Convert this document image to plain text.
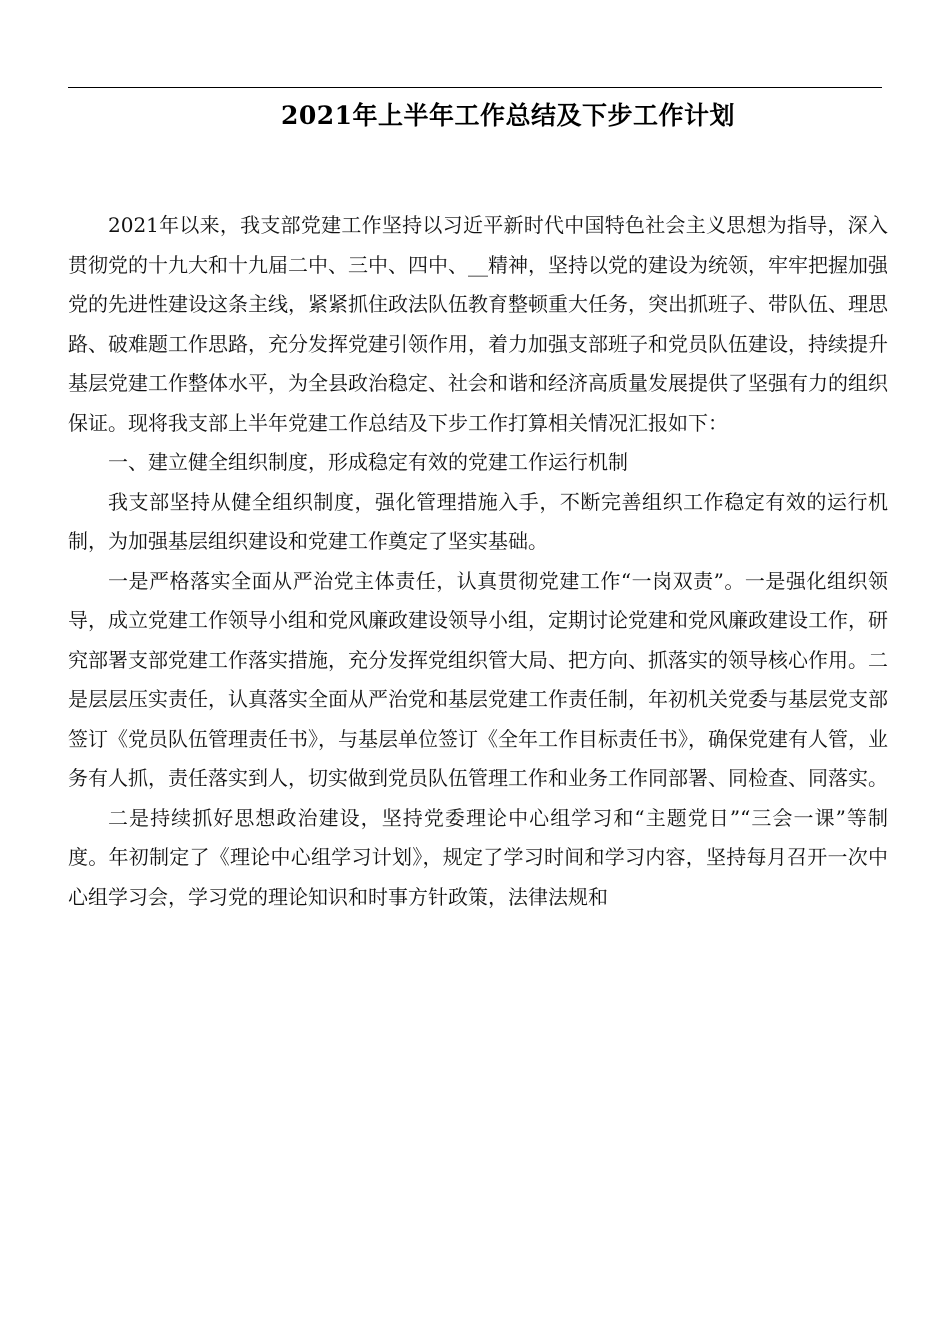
2021年上半年工作总结及下步工作计划

2021年以来，我支部党建工作坚持以习近平新时代中国特色社会主义思想为指导，深入贯彻党的十九大和十九届二中、三中、四中、__精神，坚持以党的建设为统领，牢牢把握加强党的先进性建设这条主线，紧紧抓住政法队伍教育整顿重大任务，突出抓班子、带队伍、理思路、破难题工作思路，充分发挥党建引领作用，着力加强支部班子和党员队伍建设，持续提升基层党建工作整体水平，为全县政治稳定、社会和谐和经济高质量发展提供了坚强有力的组织保证。现将我支部上半年党建工作总结及下步工作打算相关情况汇报如下：

一、建立健全组织制度，形成稳定有效的党建工作运行机制

我支部坚持从健全组织制度，强化管理措施入手，不断完善组织工作稳定有效的运行机制，为加强基层组织建设和党建工作奠定了坚实基础。

一是严格落实全面从严治党主体责任，认真贯彻党建工作“一岗双责”。一是强化组织领导，成立党建工作领导小组和党风廉政建设领导小组，定期讨论党建和党风廉政建设工作，研究部署支部党建工作落实措施，充分发挥党组织管大局、把方向、抓落实的领导核心作用。二是层层压实责任，认真落实全面从严治党和基层党建工作责任制，年初机关党委与基层党支部签订《党员队伍管理责任书》，与基层单位签订《全年工作目标责任书》，确保党建有人管，业务有人抓，责任落实到人，切实做到党员队伍管理工作和业务工作同部署、同检查、同落实。

二是持续抓好思想政治建设，坚持党委理论中心组学习和“主题党日”“三会一课”等制度。年初制定了《理论中心组学习计划》，规定了学习时间和学习内容，坚持每月召开一次中心组学习会，学习党的理论知识和时事方针政策，法律法规和
